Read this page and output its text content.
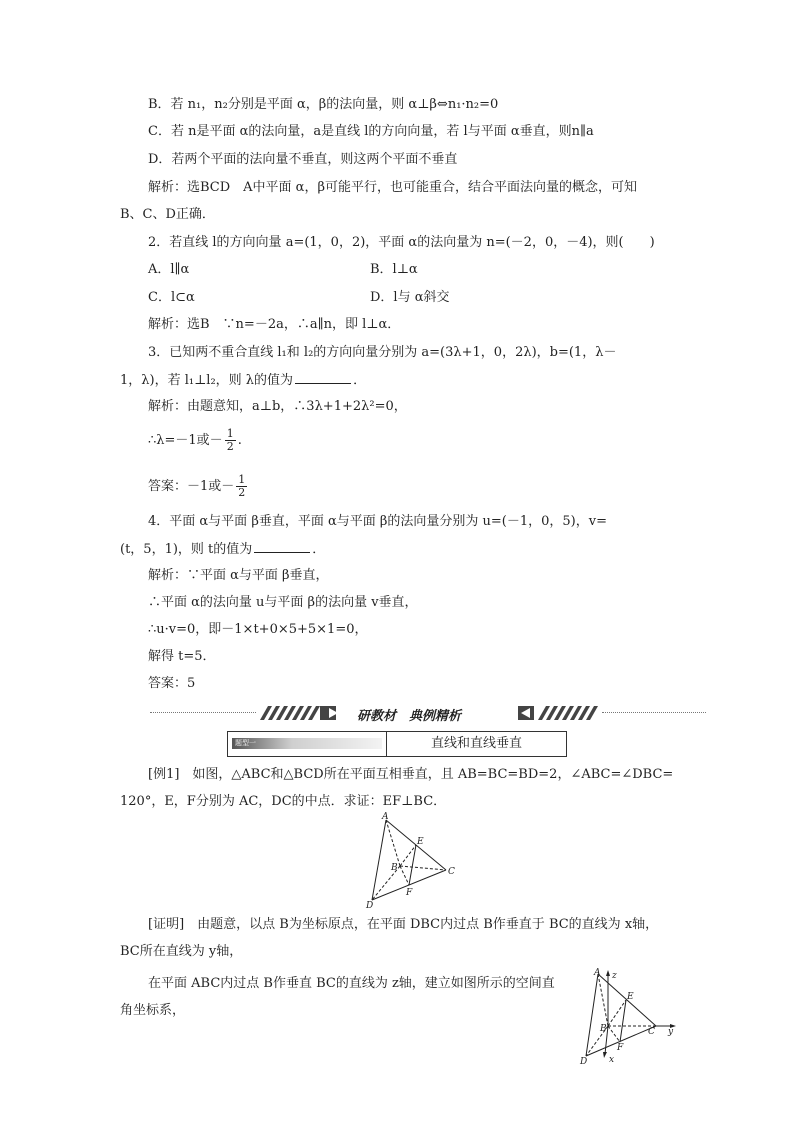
B．若 n₁，n₂分别是平面 α，β的法向量，则 α⊥β⇔n₁·n₂=0
C．若 n是平面 α的法向量，a是直线 l的方向向量，若 l与平面 α垂直，则n∥a
D．若两个平面的法向量不垂直，则这两个平面不垂直
解析：选BCD　A中平面 α，β可能平行，也可能重合，结合平面法向量的概念，可知
B、C、D正确．
2．若直线 l的方向向量 a=(1，0，2)，平面 α的法向量为 n=(－2，0，－4)，则(　　)
A．l∥α	B．l⊥α
C．l⊂α	D．l与 α斜交
解析：选B　∵n=－2a，∴a∥n，即 l⊥α．
3．已知两不重合直线 l₁和 l₂的方向向量分别为 a=(3λ+1，0，2λ)，b=(1，λ－
1，λ)，若 l₁⊥l₂，则 λ的值为	．
解析：由题意知，a⊥b，∴3λ+1+2λ²=0，
∴λ=－1或－ $\frac{1}{2}$ .
答案：－1或－ $\frac{1}{2}$
4．平面 α与平面 β垂直，平面 α与平面 β的法向量分别为 u=(－1，0，5)，v=
(t，5，1)，则 t的值为	．
解析：∵平面 α与平面 β垂直，
∴平面 α的法向量 u与平面 β的法向量 v垂直，
∴u·v=0，即－1×t+0×5+5×1=0，
解得 t=5．
答案：5
研教材　典例精析
题型一	直线和直线垂直
[例1]　如图，△ABC和△BCD所在平面互相垂直，且 AB=BC=BD=2，∠ABC=∠DBC=
120°，E，F分别为 AC，DC的中点．求证：EF⊥BC．
A
B	C
D
E
F
[证明]　由题意，以点 B为坐标原点，在平面 DBC内过点 B作垂直于 BC的直线为 x轴，
BC所在直线为 y轴，
在平面 ABC内过点 B作垂直 BC的直线为 z轴，建立如图所示的空间直
角坐标系，
A z
B	C y
D
E
F
x
